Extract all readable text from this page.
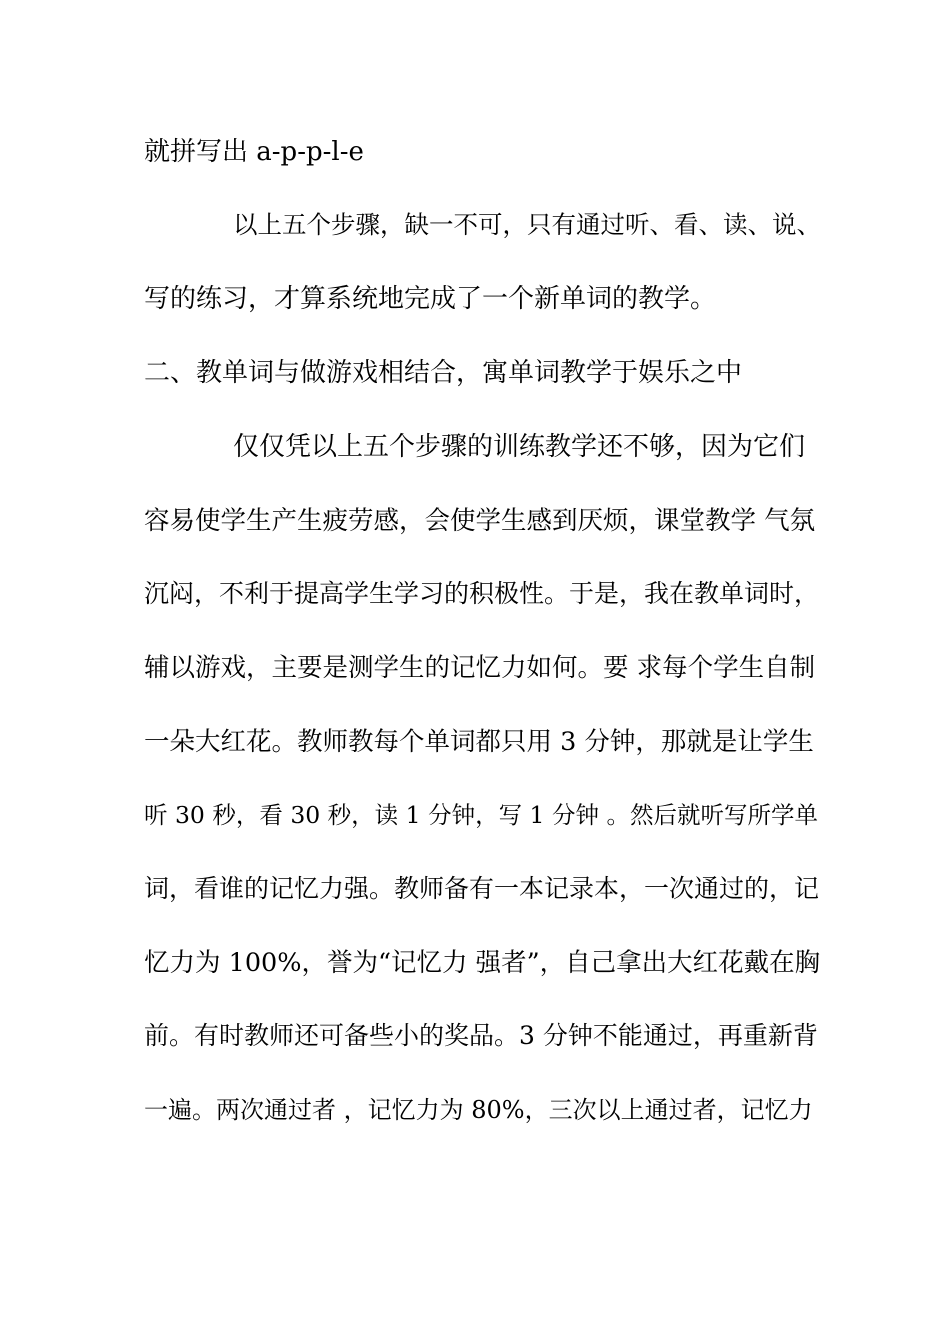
就拼写出 a-p-p-l-e
以上五个步骤，缺一不可，只有通过听、看、读、说、
写的练习，才算系统地完成了一个新单词的教学。
二、教单词与做游戏相结合，寓单词教学于娱乐之中
仅仅凭以上五个步骤的训练教学还不够，因为它们
容易使学生产生疲劳感，会使学生感到厌烦，课堂教学 气氛
沉闷，不利于提高学生学习的积极性。于是，我在教单词时，
辅以游戏，主要是测学生的记忆力如何。要 求每个学生自制
一朵大红花。教师教每个单词都只用 3 分钟，那就是让学生
听 30 秒，看 30 秒，读 1 分钟，写 1 分钟 。然后就听写所学单
词，看谁的记忆力强。教师备有一本记录本，一次通过的，记
忆力为 100%，誉为“记忆力 强者”，自己拿出大红花戴在胸
前。有时教师还可备些小的奖品。3 分钟不能通过，再重新背
一遍。两次通过者 ，记忆力为 80%，三次以上通过者，记忆力
